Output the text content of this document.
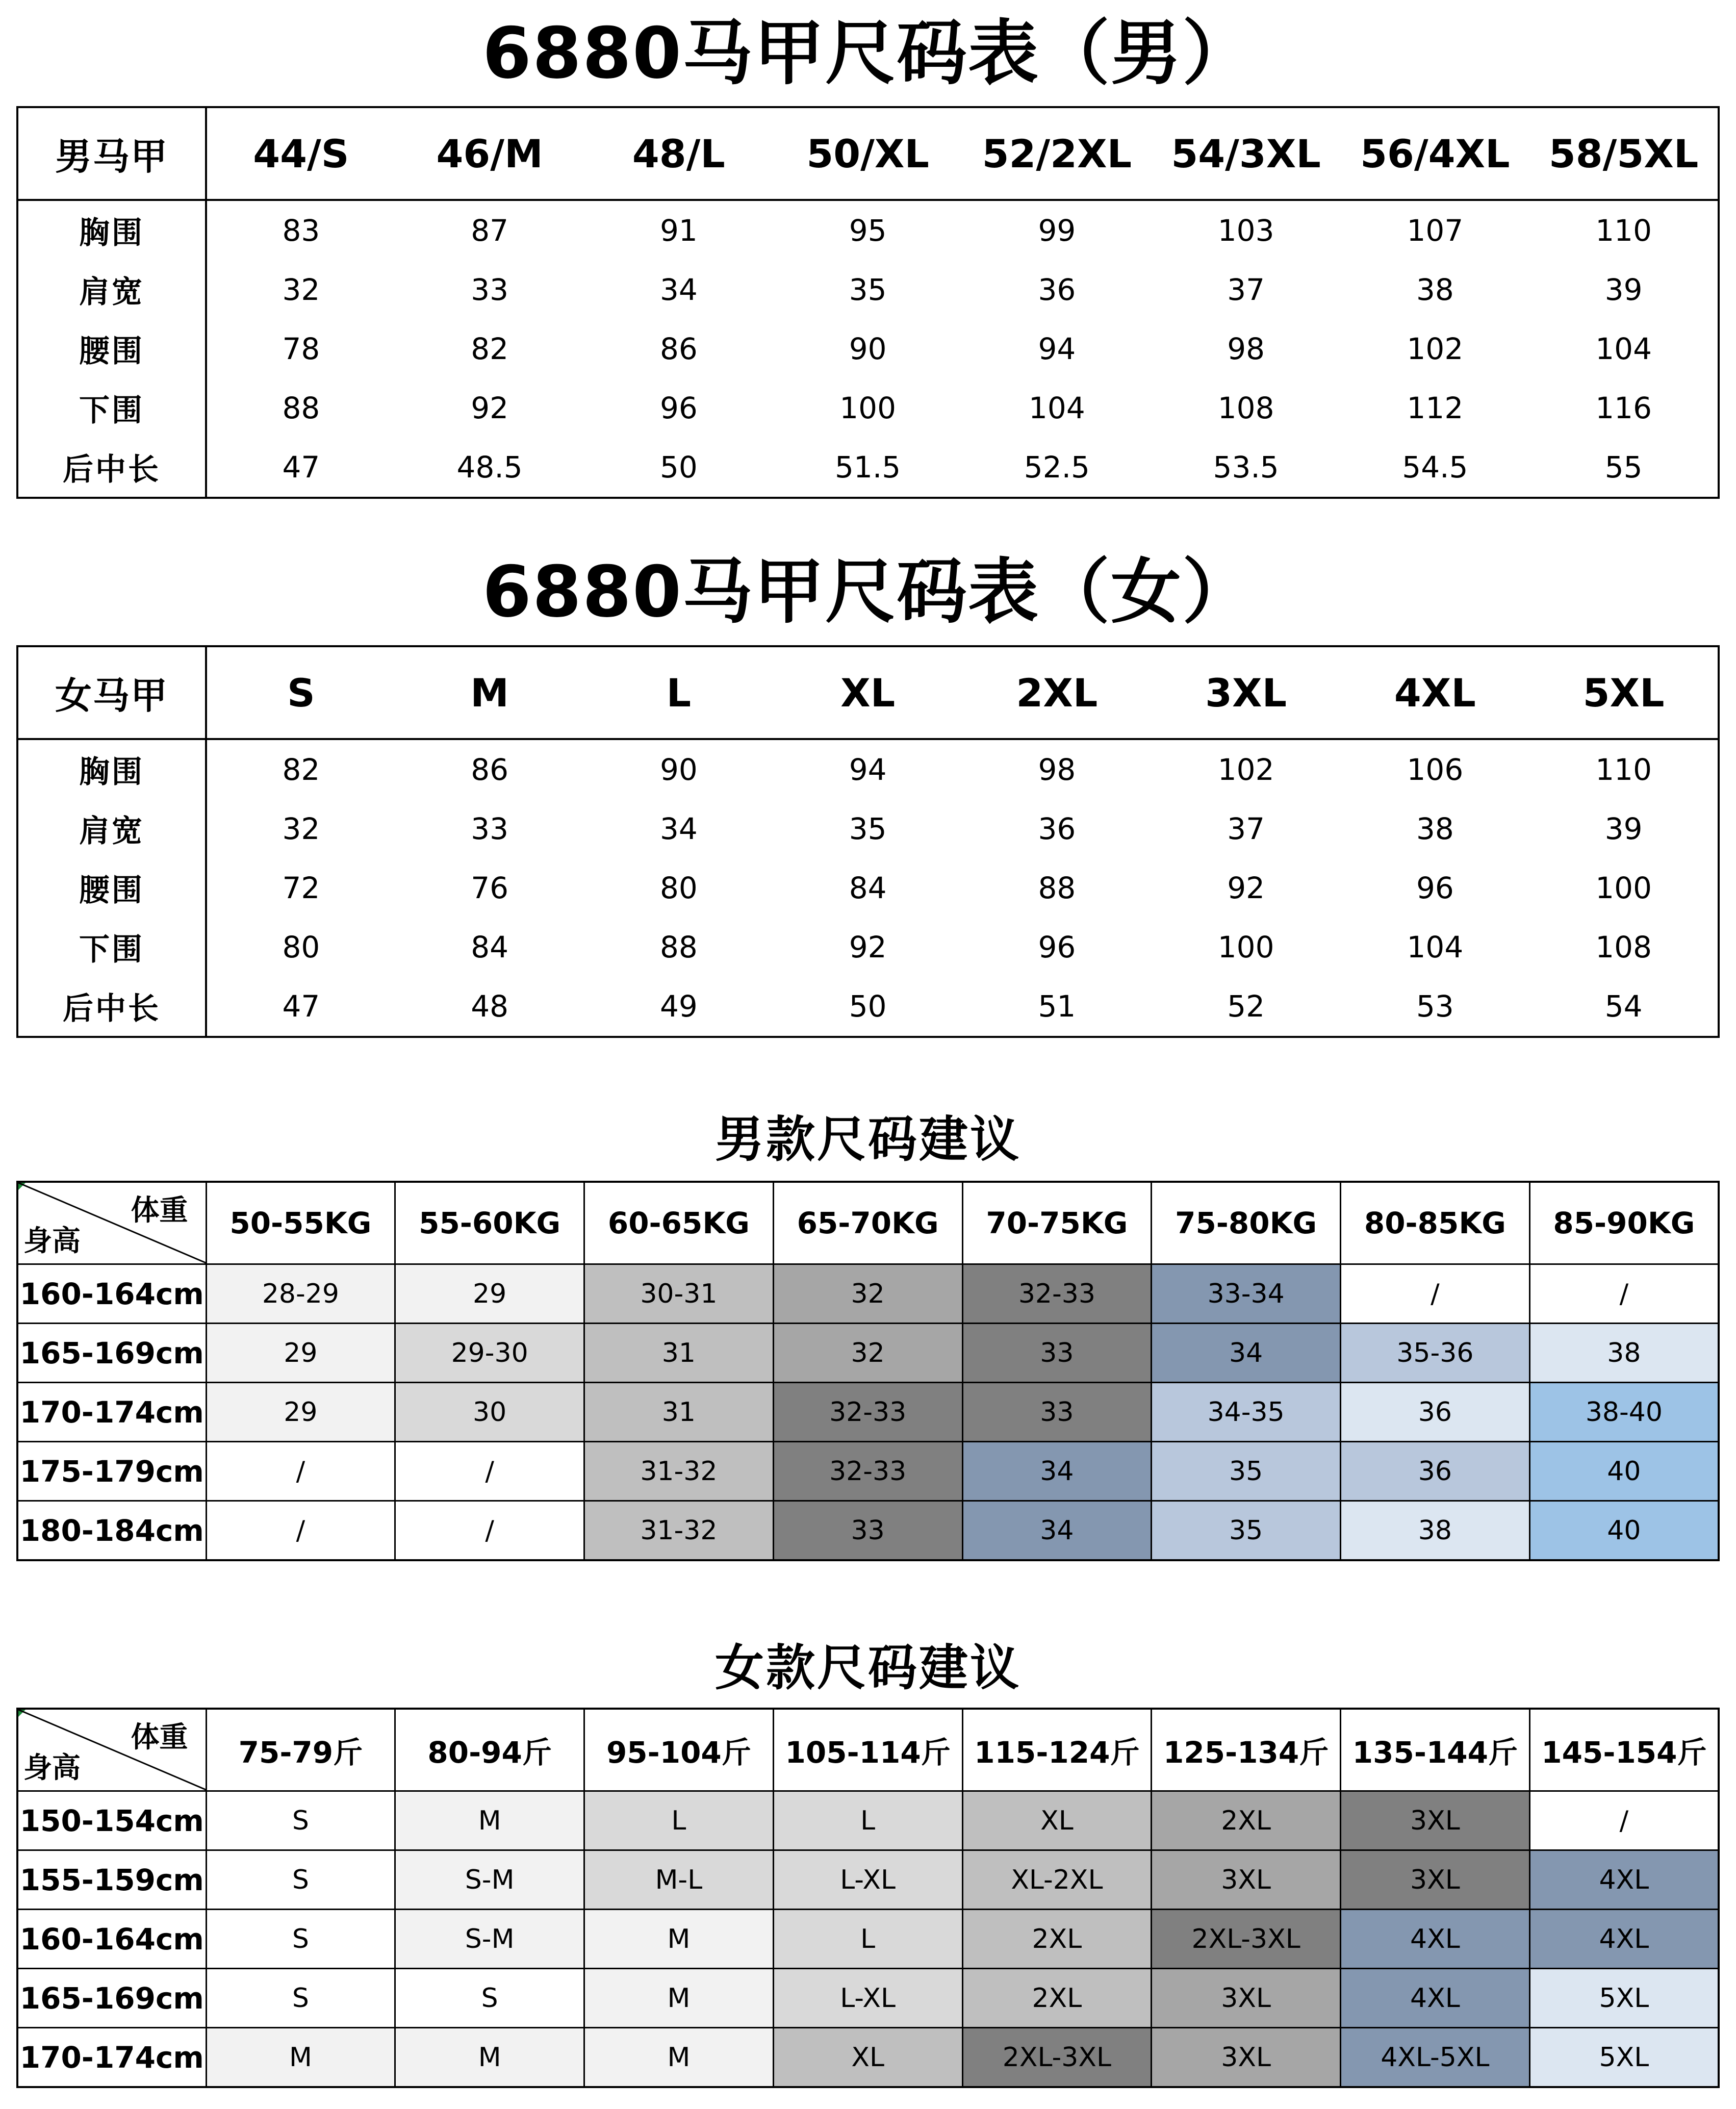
6880马甲尺码表（男）
男马甲	44/S	46/M	48/L	50/XL	52/2XL	54/3XL	56/4XL	58/5XL
胸围	83	87	91	95	99	103	107	110
肩宽	32	33	34	35	36	37	38	39
腰围	78	82	86	90	94	98	102	104
下围	88	92	96	100	104	108	112	116
后中长	47	48.5	50	51.5	52.5	53.5	54.5	55
6880马甲尺码表（女）
女马甲	S	M	L	XL	2XL	3XL	4XL	5XL
胸围	82	86	90	94	98	102	106	110
肩宽	32	33	34	35	36	37	38	39
腰围	72	76	80	84	88	92	96	100
下围	80	84	88	92	96	100	104	108
后中长	47	48	49	50	51	52	53	54
男款尺码建议
体重
身高	50-55KG	55-60KG	60-65KG	65-70KG	70-75KG	75-80KG	80-85KG	85-90KG
160-164cm	28-29	29	30-31	32	32-33	33-34	/	/
165-169cm	29	29-30	31	32	33	34	35-36	38
170-174cm	29	30	31	32-33	33	34-35	36	38-40
175-179cm	/	/	31-32	32-33	34	35	36	40
180-184cm	/	/	31-32	33	34	35	38	40
女款尺码建议
体重
身高	75-79斤	80-94斤	95-104斤	105-114斤	115-124斤	125-134斤	135-144斤	145-154斤
150-154cm	S	M	L	L	XL	2XL	3XL	/
155-159cm	S	S-M	M-L	L-XL	XL-2XL	3XL	3XL	4XL
160-164cm	S	S-M	M	L	2XL	2XL-3XL	4XL	4XL
165-169cm	S	S	M	L-XL	2XL	3XL	4XL	5XL
170-174cm	M	M	M	XL	2XL-3XL	3XL	4XL-5XL	5XL
